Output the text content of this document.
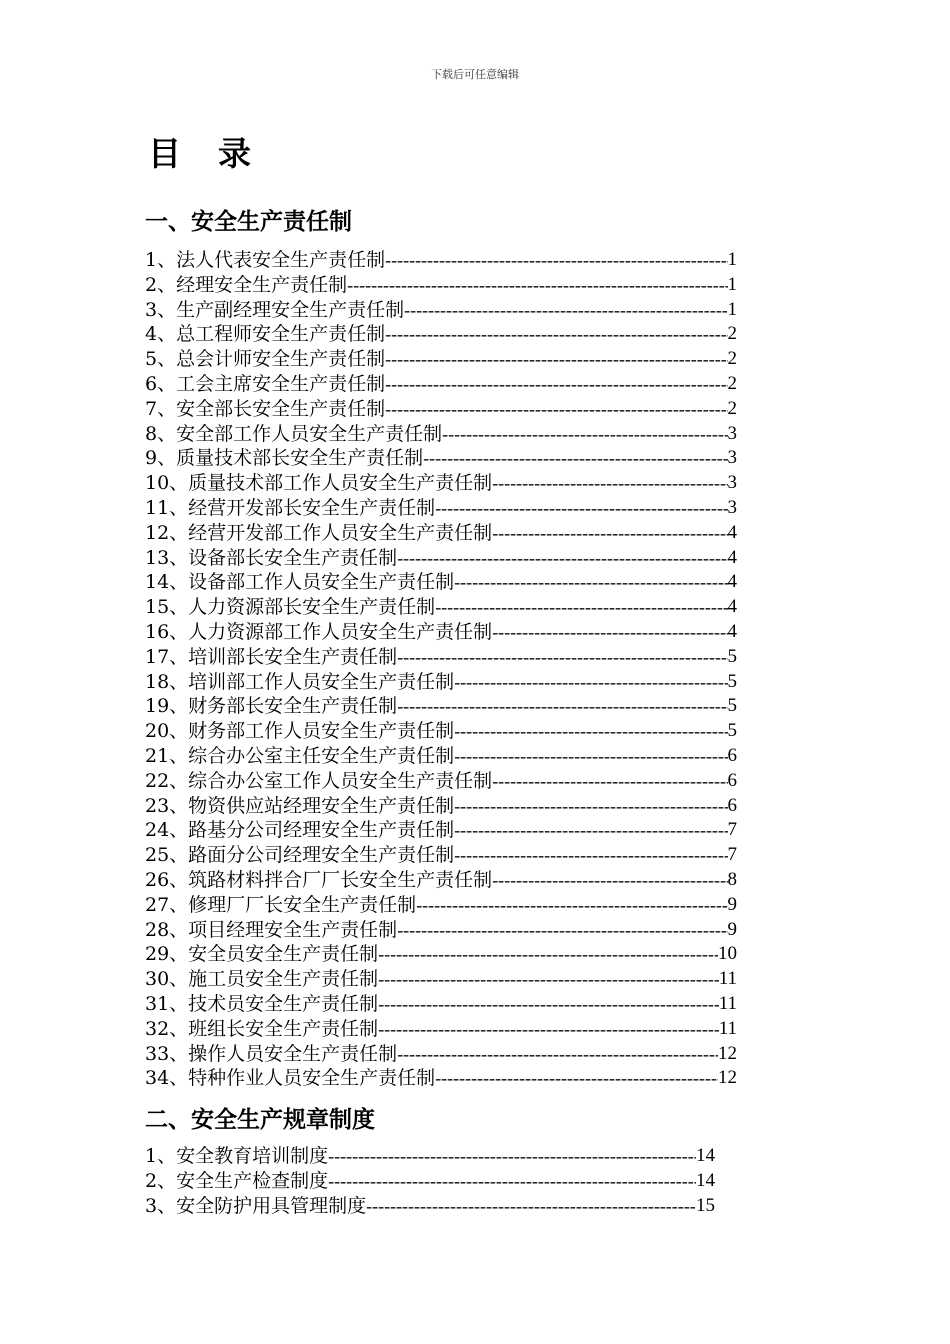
下载后可任意编辑
目　录
一、安全生产责任制
1、法人代表安全生产责任制 -----	1
2、经理安全生产责任制 -----	1
3、生产副经理安全生产责任制 -----	1
4、总工程师安全生产责任制 -----	2
5、总会计师安全生产责任制 -----	2
6、工会主席安全生产责任制 -----	2
7、安全部长安全生产责任制 -----	2
8、安全部工作人员安全生产责任制 -----	3
9、质量技术部长安全生产责任制 -----	3
10、质量技术部工作人员安全生产责任制 -----	3
11、经营开发部长安全生产责任制 -----	3
12、经营开发部工作人员安全生产责任制 -----	4
13、设备部长安全生产责任制 -----	4
14、设备部工作人员安全生产责任制 -----	4
15、人力资源部长安全生产责任制 -----	4
16、人力资源部工作人员安全生产责任制 -----	4
17、培训部长安全生产责任制 -----	5
18、培训部工作人员安全生产责任制 -----	5
19、财务部长安全生产责任制 -----	5
20、财务部工作人员安全生产责任制 -----	5
21、综合办公室主任安全生产责任制 -----	6
22、综合办公室工作人员安全生产责任制 -----	6
23、物资供应站经理安全生产责任制 -----	6
24、路基分公司经理安全生产责任制 -----	7
25、路面分公司经理安全生产责任制 -----	7
26、筑路材料拌合厂厂长安全生产责任制 -----	8
27、修理厂厂长安全生产责任制 -----	9
28、项目经理安全生产责任制 -----	9
29、安全员安全生产责任制 -----	10
30、施工员安全生产责任制 -----	11
31、技术员安全生产责任制 -----	11
32、班组长安全生产责任制 -----	11
33、操作人员安全生产责任制 -----	12
34、特种作业人员安全生产责任制 -----	12
二、安全生产规章制度
1、安全教育培训制度 -----	14
2、安全生产检查制度 -----	14
3、安全防护用具管理制度 -----	15
